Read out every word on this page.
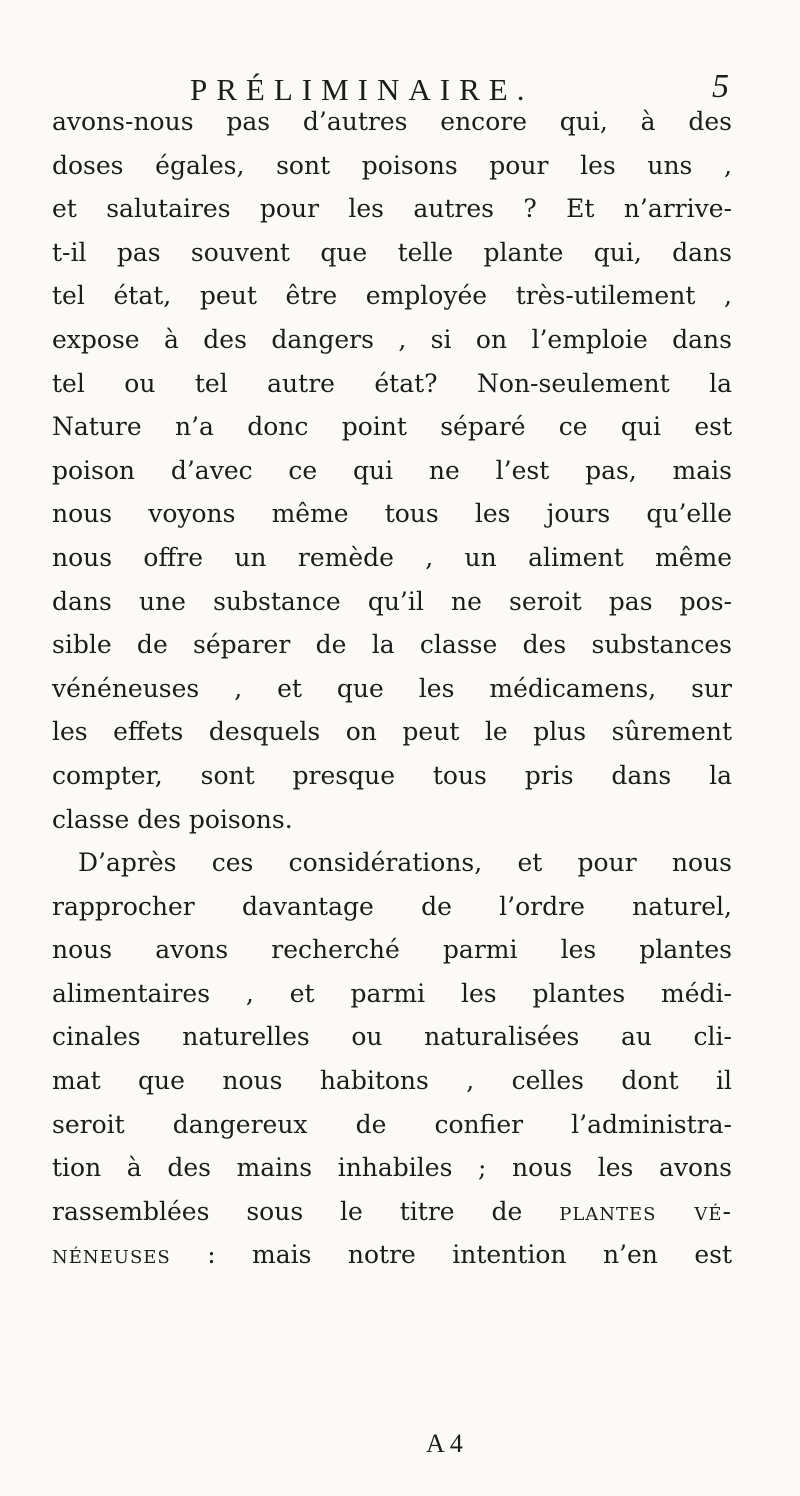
PRÉLIMINAIRE.	5
avons-nous pas d’autres encore qui, à des
doses égales, sont poisons pour les uns ,
et salutaires pour les autres ? Et n’arrive-
t-il pas souvent que telle plante qui, dans
tel état, peut être employée très-utilement ,
expose à des dangers , si on l’emploie dans
tel ou tel autre état? Non-seulement la
Nature n’a donc point séparé ce qui est
poison d’avec ce qui ne l’est pas, mais
nous voyons même tous les jours qu’elle
nous offre un remède , un aliment même
dans une substance qu’il ne seroit pas pos-
sible de séparer de la classe des substances
vénéneuses , et que les médicamens, sur
les effets desquels on peut le plus sûrement
compter, sont presque tous pris dans la
classe des poisons.
D’après ces considérations, et pour nous
rapprocher davantage de l’ordre naturel,
nous avons recherché parmi les plantes
alimentaires , et parmi les plantes médi-
cinales naturelles ou naturalisées au cli-
mat que nous habitons , celles dont il
seroit dangereux de confier l’administra-
tion à des mains inhabiles ; nous les avons
rassemblées sous le titre de plantes vé-
néneuses : mais notre intention n’en est
A 4
